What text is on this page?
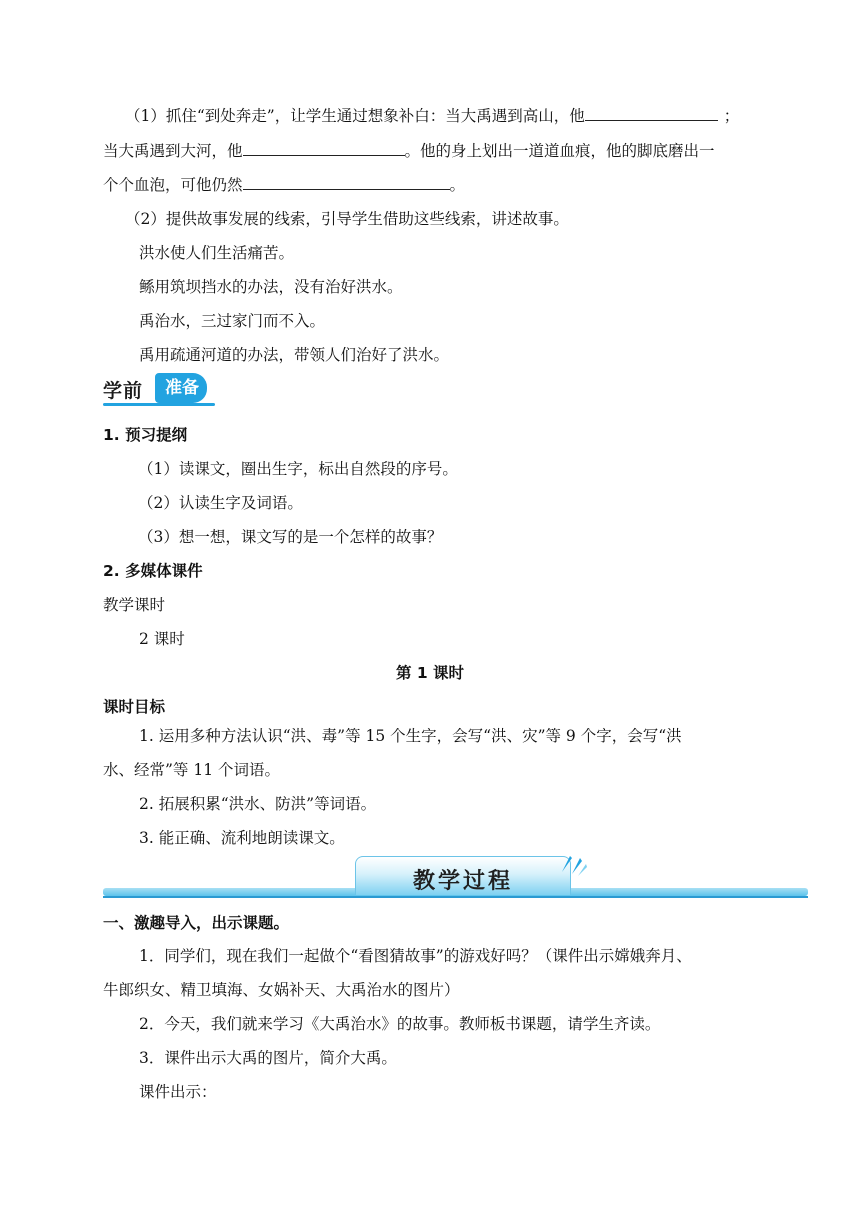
（1）抓住“到处奔走”，让学生通过想象补白：当大禹遇到高山，他	；
当大禹遇到大河，他	。他的身上划出一道道血痕，他的脚底磨出一
个个血泡，可他仍然	。
（2）提供故事发展的线索，引导学生借助这些线索，讲述故事。
洪水使人们生活痛苦。
鲧用筑坝挡水的办法，没有治好洪水。
禹治水，三过家门而不入。
禹用疏通河道的办法，带领人们治好了洪水。
学前	准备
1. 预习提纲
（1）读课文，圈出生字，标出自然段的序号。
（2）认读生字及词语。
（3）想一想，课文写的是一个怎样的故事？
2. 多媒体课件
教学课时
2 课时
第 1 课时
课时目标
1. 运用多种方法认识“洪、毒”等 15 个生字，会写“洪、灾”等 9 个字，会写“洪
水、经常”等 11 个词语。
2. 拓展积累“洪水、防洪”等词语。
3. 能正确、流利地朗读课文。
教学过程
一、激趣导入，出示课题。
1．同学们，现在我们一起做个“看图猜故事”的游戏好吗？（课件出示嫦娥奔月、
牛郎织女、精卫填海、女娲补天、大禹治水的图片）
2．今天，我们就来学习《大禹治水》的故事。教师板书课题，请学生齐读。
3．课件出示大禹的图片，简介大禹。
课件出示：
